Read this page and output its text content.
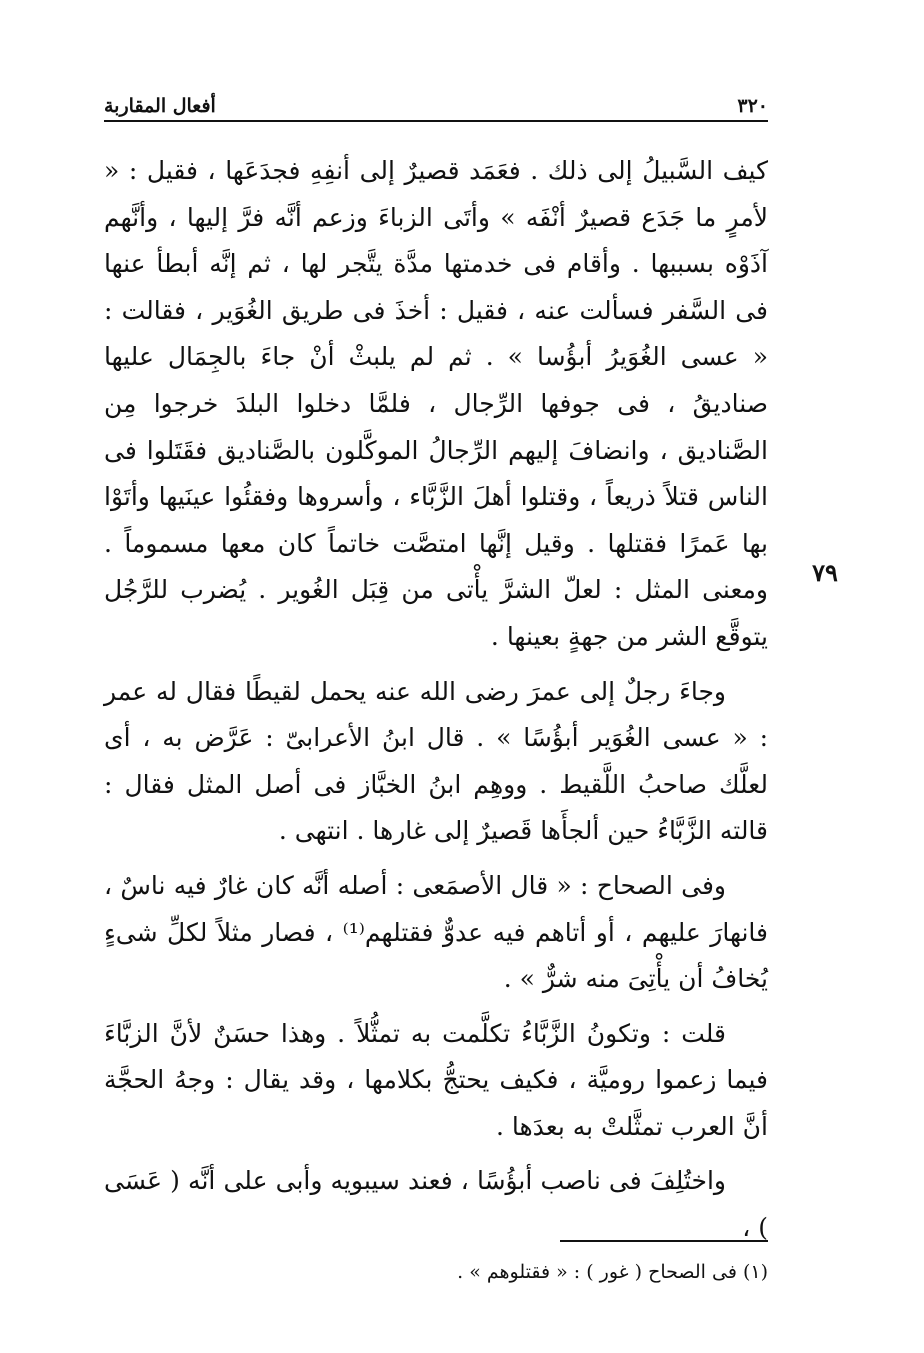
٣٢٠
أفعال المقاربة
٧٩

كيف السَّبيلُ إلى ذلك . فعَمَد قصيرٌ إلى أنفِهِ فجدَعَها ، فقيل : « لأمرٍ ما جَدَع قصيرٌ أنْفَه » وأتَى الزباءَ وزعم أنَّه فرَّ إليها ، وأنَّهم آذَوْه بسببها . وأقام فى خدمتها مدَّة يتَّجر لها ، ثم إنَّه أبطأ عنها فى السَّفر فسألت عنه ، فقيل : أخذَ فى طريق الغُوَير ، فقالت : « عسى الغُوَيرُ أبؤُسا » . ثم لم يلبثْ أنْ جاءَ بالجِمَال عليها صناديقُ ، فى جوفها الرِّجال ، فلمَّا دخلوا البلدَ خرجوا مِن الصَّناديق ، وانضافَ إليهم الرِّجالُ الموكَّلون بالصَّناديق فقَتَلوا فى الناس قتلاً ذريعاً ، وقتلوا أهلَ الزَّبَّاء ، وأسروها وفقئُوا عينَيها وأتَوْا بها عَمرًا فقتلها . وقيل إنَّها امتصَّت خاتماً كان معها مسموماً . ومعنى المثل : لعلّ الشرَّ يأْتى من قِبَل الغُوير . يُضرب للرَّجُل يتوقَّع الشر من جهةٍ بعينها .

وجاءَ رجلٌ إلى عمرَ رضى الله عنه يحمل لقيطًا فقال له عمر : « عسى الغُوَير أبؤُسًا » . قال ابنُ الأعرابىّ : عَرَّض به ، أى لعلَّك صاحبُ اللَّقيط . ووهِم ابنُ الخبَّاز فى أصل المثل فقال : قالته الزَّبَّاءُ حين ألجأَها قَصيرٌ إلى غارها . انتهى .

وفى الصحاح : « قال الأصمَعى : أصله أنَّه كان غارٌ فيه ناسٌ ، فانهارَ عليهم ، أو أتاهم فيه عدوٌّ فقتلهم⁽¹⁾ ، فصار مثلاً لكلِّ شىءٍ يُخافُ أن يأْتِىَ منه شرٌّ » .

قلت : وتكونُ الزَّبَّاءُ تكلَّمت به تمثُّلاً . وهذا حسَنٌ لأنَّ الزبَّاءَ فيما زعموا روميَّة ، فكيف يحتجُّ بكلامها ، وقد يقال : وجهُ الحجَّة أنَّ العرب تمثَّلتْ به بعدَها .

واختُلِفَ فى ناصب أبؤُسًا ، فعند سيبويه وأبى على أنَّه ( عَسَى ) ،

(١) فى الصحاح ( غور ) : « فقتلوهم » .
